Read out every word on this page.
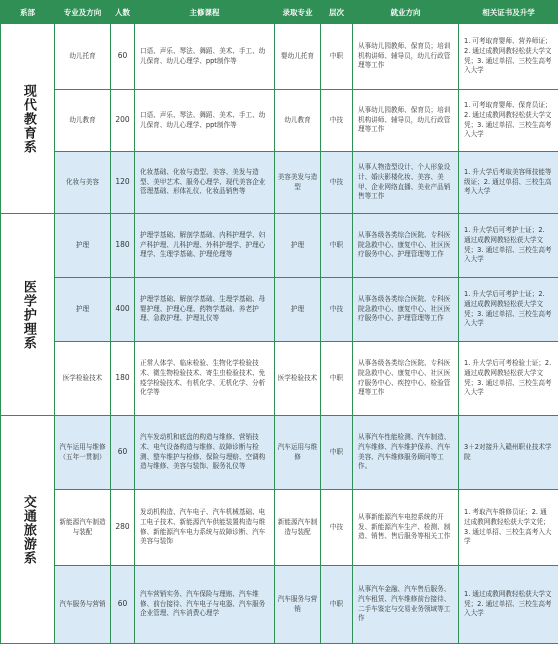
系部	专业及方向	人数	主修课程	录取专业	层次	就业方向	相关证书及升学

现代教育系	幼儿托育	60	口语、声乐、琴法、舞蹈、美术、手工、幼儿保育、幼儿心理学、ppt制作等	婴幼儿托育	中职	从事幼儿园教师、保育员；培训机构讲师、辅导员，幼儿行政管理等工作	1. 可考取育婴师、营养师证；2. 通过成教网教轻松获大学文凭；3. 通过单招、三校生高考入大学
	幼儿教育	200	口语、声乐、琴法、舞蹈、美术、手工、幼儿保育、幼儿心理学、ppt制作等	幼儿教育	中技	从事幼儿园教师、保育员；培训机构讲师、辅导员，幼儿行政管理等工作	1. 可考取育婴师、保育员证；2. 通过成教网教轻松获大学文凭；3. 通过单招、三校生高考入大学
	化妆与美容	120	化妆基础、化妆与造型、美容、美发与造型、美甲艺术、服务心理学、现代美容企业管理基础、形体礼仪、化妆品销售等	美容美发与造型	中技	从事人物造型设计、个人形象设计、婚庆影楼化妆、美容、美甲、企业网络直播、美业产品销售等工作	1. 升大学后考取美容师技能等级证；2. 通过单招、三校生高考入大学

医学护理系	护理	180	护理学基础、解剖学基础、内科护理学、妇产科护理、儿科护理、外科护理学、护理心理学、生理学基础、护理伦理等	护理	中职	从事各级各类综合医院、专科医院急救中心、康复中心、社区医疗服务中心、护理管理等工作	1. 升大学后可考护士证；2. 通过成教网教轻松获大学文凭；3. 通过单招、三校生高考入大学
	护理	400	护理学基础、解剖学基础、生理学基础、母婴护理、护理心理、药物学基础、养老护理、急救护理、护理礼仪等	护理	中技	从事各级各类综合医院、专科医院急救中心、康复中心、社区医疗服务中心、护理管理等工作	1. 升大学后可考护士证；2. 通过成教网教轻松获大学文凭；3. 通过单招、三校生高考入大学
	医学检验技术	180	正常人体学、临床检验、生物化学检验技术、微生物检验技术、寄生虫检验技术、免疫学检验技术、有机化学、无机化学、分析化学等	医学检验技术	中职	从事各级各类综合医院、专科医院急救中心、康复中心、社区医疗服务中心、疾控中心、检验管理等工作	1. 升大学后可考检验士证；2. 通过成教网教轻松获大学文凭；3. 通过单招、三校生高考入大学

交通旅游系	汽车运用与维修（五年一贯制）	60	汽车发动机和底盘的构造与维修、营销技术、电气设备构造与维修、故障诊断与检测、整车维护与检修、保险与理赔、空调构造与维修、美容与装饰、服务礼仪等	汽车运用与维修	中职	从事汽车性能检测、汽车制造、汽车维修、汽车维护保养、汽车美容、汽车维修服务顾问等工作。	3＋2对接升入赣州职业技术学院
	新能源汽车制造与装配	280	发动机构造、汽车电子、汽车机械基础、电工电子技术、新能源汽车供能装置构造与维修、新能源汽车电力系统与故障诊断、汽车美容与装饰	新能源汽车制造与装配	中技	从事新能源汽车电控系统的开发、新能源汽车生产、检测、制造、销售、售后服务等相关工作	1. 考取汽车维修员证；2. 通过成教网教轻松获大学文凭；3. 通过单招、三校生高考入大学
	汽车服务与营销	60	汽车营销实务、汽车保险与理赔、汽车维修、前台接待、汽车电子与电器、汽车服务企业管理、汽车消费心理学	汽车服务与营销	中职	从事汽车金融、汽车售后服务、汽车租赁、汽车维修前台接待、二手车鉴定与交易业务领域等工作	1. 通过成教网教轻松获大学文凭；2. 通过单招、三校生高考入大学
